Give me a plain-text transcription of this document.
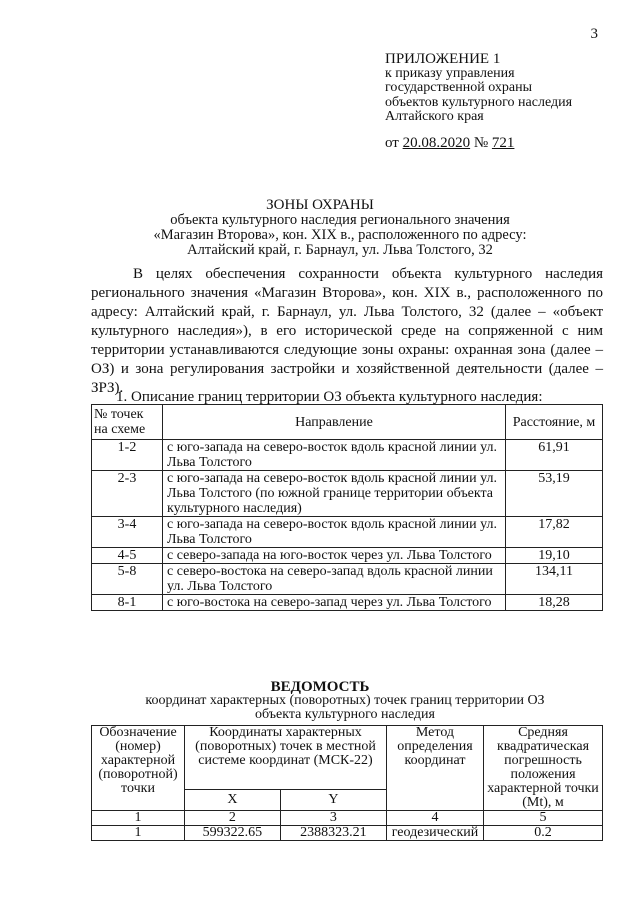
3
ПРИЛОЖЕНИЕ 1
к приказу управления
государственной охраны
объектов культурного наследия
Алтайского края
от 20.08.2020 № 721
ЗОНЫ ОХРАНЫ
объекта культурного наследия регионального значения
«Магазин Второва», кон. XIX в., расположенного по адресу:
Алтайский край, г. Барнаул, ул. Льва Толстого, 32

В целях обеспечения сохранности объекта культурного наследия регионального значения «Магазин Второва», кон. XIX в., расположенного по адресу: Алтайский край, г. Барнаул, ул. Льва Толстого, 32 (далее – «объект культурного наследия»), в его исторической среде на сопряженной с ним территории устанавливаются следующие зоны охраны: охранная зона (далее – ОЗ) и зона регулирования застройки и хозяйственной деятельности (далее – ЗРЗ).

1. Описание границ территории ОЗ объекта культурного наследия:
№ точек на схеме	Направление	Расстояние, м
1-2	с юго-запада на северо-восток вдоль красной линии ул. Льва Толстого	61,91
2-3	с юго-запада на северо-восток вдоль красной линии ул. Льва Толстого (по южной границе территории объекта культурного наследия)	53,19
3-4	с юго-запада на северо-восток вдоль красной линии ул. Льва Толстого	17,82
4-5	с северо-запада на юго-восток через ул. Льва Толстого	19,10
5-8	с северо-востока на северо-запад вдоль красной линии ул. Льва Толстого	134,11
8-1	с юго-востока на северо-запад через ул. Льва Толстого	18,28
ВЕДОМОСТЬ
координат характерных (поворотных) точек границ территории ОЗ
объекта культурного наследия
Обозначение (номер) характерной (поворотной) точки	Координаты характерных (поворотных) точек в местной системе координат (МСК-22)		Метод определения координат	Средняя квадратическая погрешность положения характерной точки (Mt), м
	X	Y		
1	2	3	4	5
1	599322.65	2388323.21	геодезический	0.2
